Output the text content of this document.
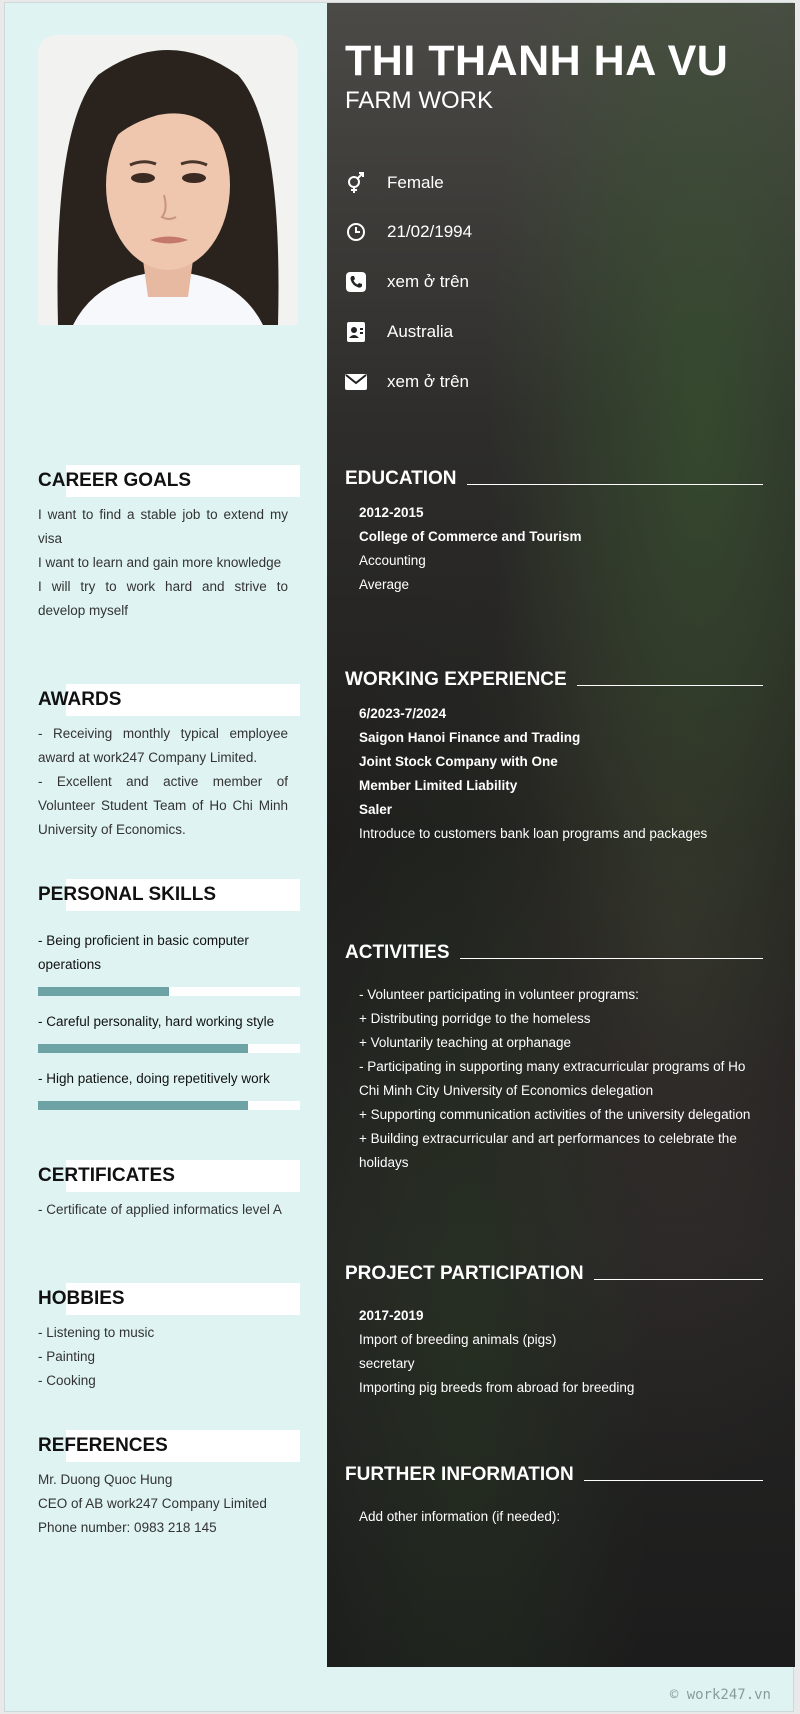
CAREER GOALS
I want to find a stable job to extend my visa
I want to learn and gain more knowledge
I will try to work hard and strive to develop myself
AWARDS
- Receiving monthly typical employee award at work247 Company Limited.
- Excellent and active member of Volunteer Student Team of Ho Chi Minh University of Economics.
PERSONAL SKILLS
- Being proficient in basic computer operations
- Careful personality, hard working style
- High patience, doing repetitively work
CERTIFICATES
- Certificate of applied informatics level A
HOBBIES
- Listening to music
- Painting
- Cooking
REFERENCES
Mr. Duong Quoc Hung
CEO of AB work247 Company Limited
Phone number: 0983 218 145
THI THANH HA VU
FARM WORK
Female
21/02/1994
xem ở trên
Australia
xem ở trên
EDUCATION
2012-2015
College of Commerce and Tourism
Accounting
Average
WORKING EXPERIENCE
6/2023-7/2024
Saigon Hanoi Finance and Trading
Joint Stock Company with One
Member Limited Liability
Saler
Introduce to customers bank loan programs and packages
ACTIVITIES
- Volunteer participating in volunteer programs:
+ Distributing porridge to the homeless
+ Voluntarily teaching at orphanage
- Participating in supporting many extracurricular programs of Ho Chi Minh City University of Economics delegation
+ Supporting communication activities of the university delegation
+ Building extracurricular and art performances to celebrate the holidays
PROJECT PARTICIPATION
2017-2019
Import of breeding animals (pigs)
secretary
Importing pig breeds from abroad for breeding
FURTHER INFORMATION
Add other information (if needed):
© work247.vn
